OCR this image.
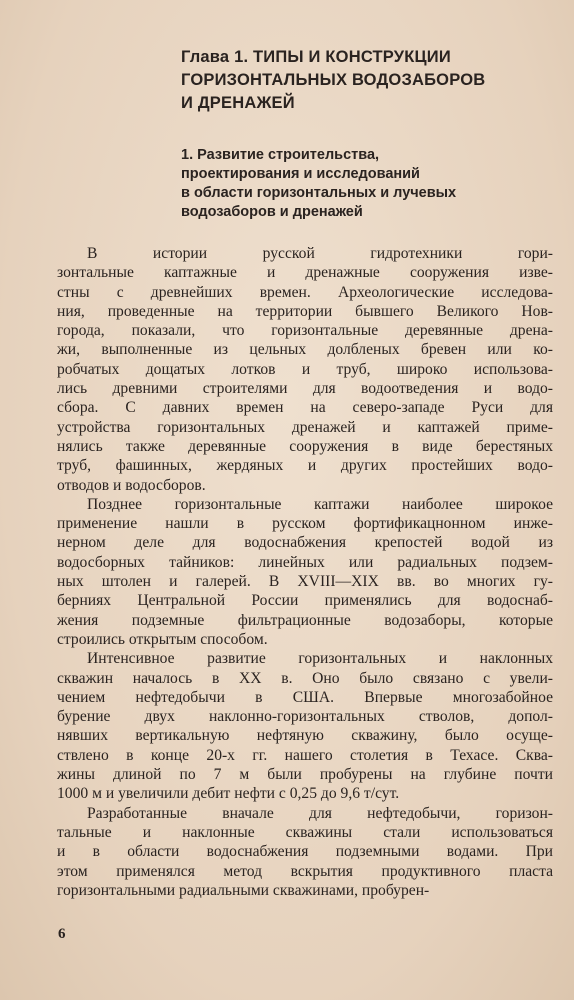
Глава 1. ТИПЫ И КОНСТРУКЦИИ
ГОРИЗОНТАЛЬНЫХ ВОДОЗАБОРОВ
И ДРЕНАЖЕЙ
1. Развитие строительства,
проектирования и исследований
в области горизонтальных и лучевых
водозаборов и дренажей

В истории русской гидротехники гори-
зонтальные каптажные и дренажные сооружения изве-
стны с древнейших времен. Археологические исследова-
ния, проведенные на территории бывшего Великого Нов-
города, показали, что горизонтальные деревянные дрена-
жи, выполненные из цельных долбленых бревен или ко-
робчатых дощатых лотков и труб, широко использова-
лись древними строителями для водоотведения и водо-
сбора. С давних времен на северо-западе Руси для
устройства горизонтальных дренажей и каптажей приме-
нялись также деревянные сооружения в виде берестяных
труб, фашинных, жердяных и других простейших водо-
отводов и водосборов.

Позднее горизонтальные каптажи наиболее широкое
применение нашли в русском фортификацнонном инже-
нерном деле для водоснабжения крепостей водой из
водосборных тайников: линейных или радиальных подзем-
ных штолен и галерей. В XVIII—XIX вв. во многих гу-
берниях Центральной России применялись для водоснаб-
жения подземные фильтрационные водозаборы, которые
строились открытым способом.

Интенсивное развитие горизонтальных и наклонных
скважин началось в XX в. Оно было связано с увели-
чением нефтедобычи в США. Впервые многозабойное
бурение двух наклонно-горизонтальных стволов, допол-
нявших вертикальную нефтяную скважину, было осуще-
ствлено в конце 20-х гг. нашего столетия в Техасе. Сква-
жины длиной по 7 м были пробурены на глубине почти
1000 м и увеличили дебит нефти с 0,25 до 9,6 т/сут.

Разработанные вначале для нефтедобычи, горизон-
тальные и наклонные скважины стали использоваться
и в области водоснабжения подземными водами. При
этом применялся метод вскрытия продуктивного пласта
горизонтальными радиальными скважинами, пробурен-

6
